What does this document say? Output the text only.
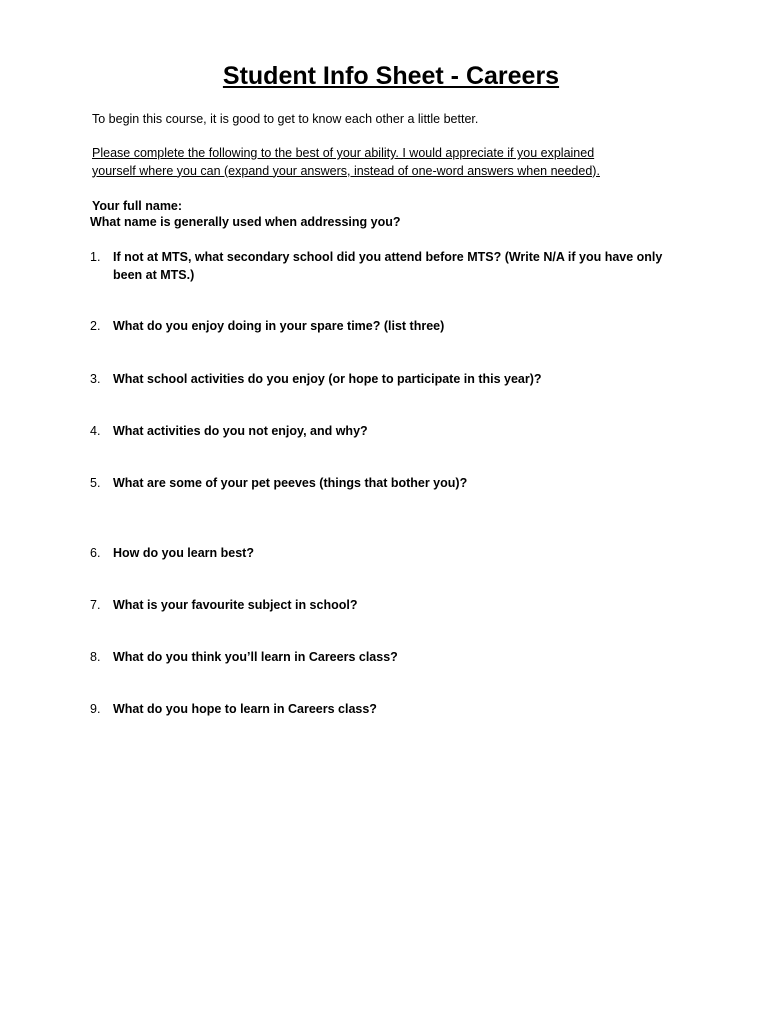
Student Info Sheet - Careers
To begin this course, it is good to get to know each other a little better.
Please complete the following to the best of your ability. I would appreciate if you explained
yourself where you can (expand your answers, instead of one-word answers when needed).
Your full name:
What name is generally used when addressing you?
1. If not at MTS, what secondary school did you attend before MTS? (Write N/A if you have only
been at MTS.)
2. What do you enjoy doing in your spare time? (list three)
3. What school activities do you enjoy (or hope to participate in this year)?
4. What activities do you not enjoy, and why?
5. What are some of your pet peeves (things that bother you)?
6. How do you learn best?
7. What is your favourite subject in school?
8. What do you think you’ll learn in Careers class?
9. What do you hope to learn in Careers class?
